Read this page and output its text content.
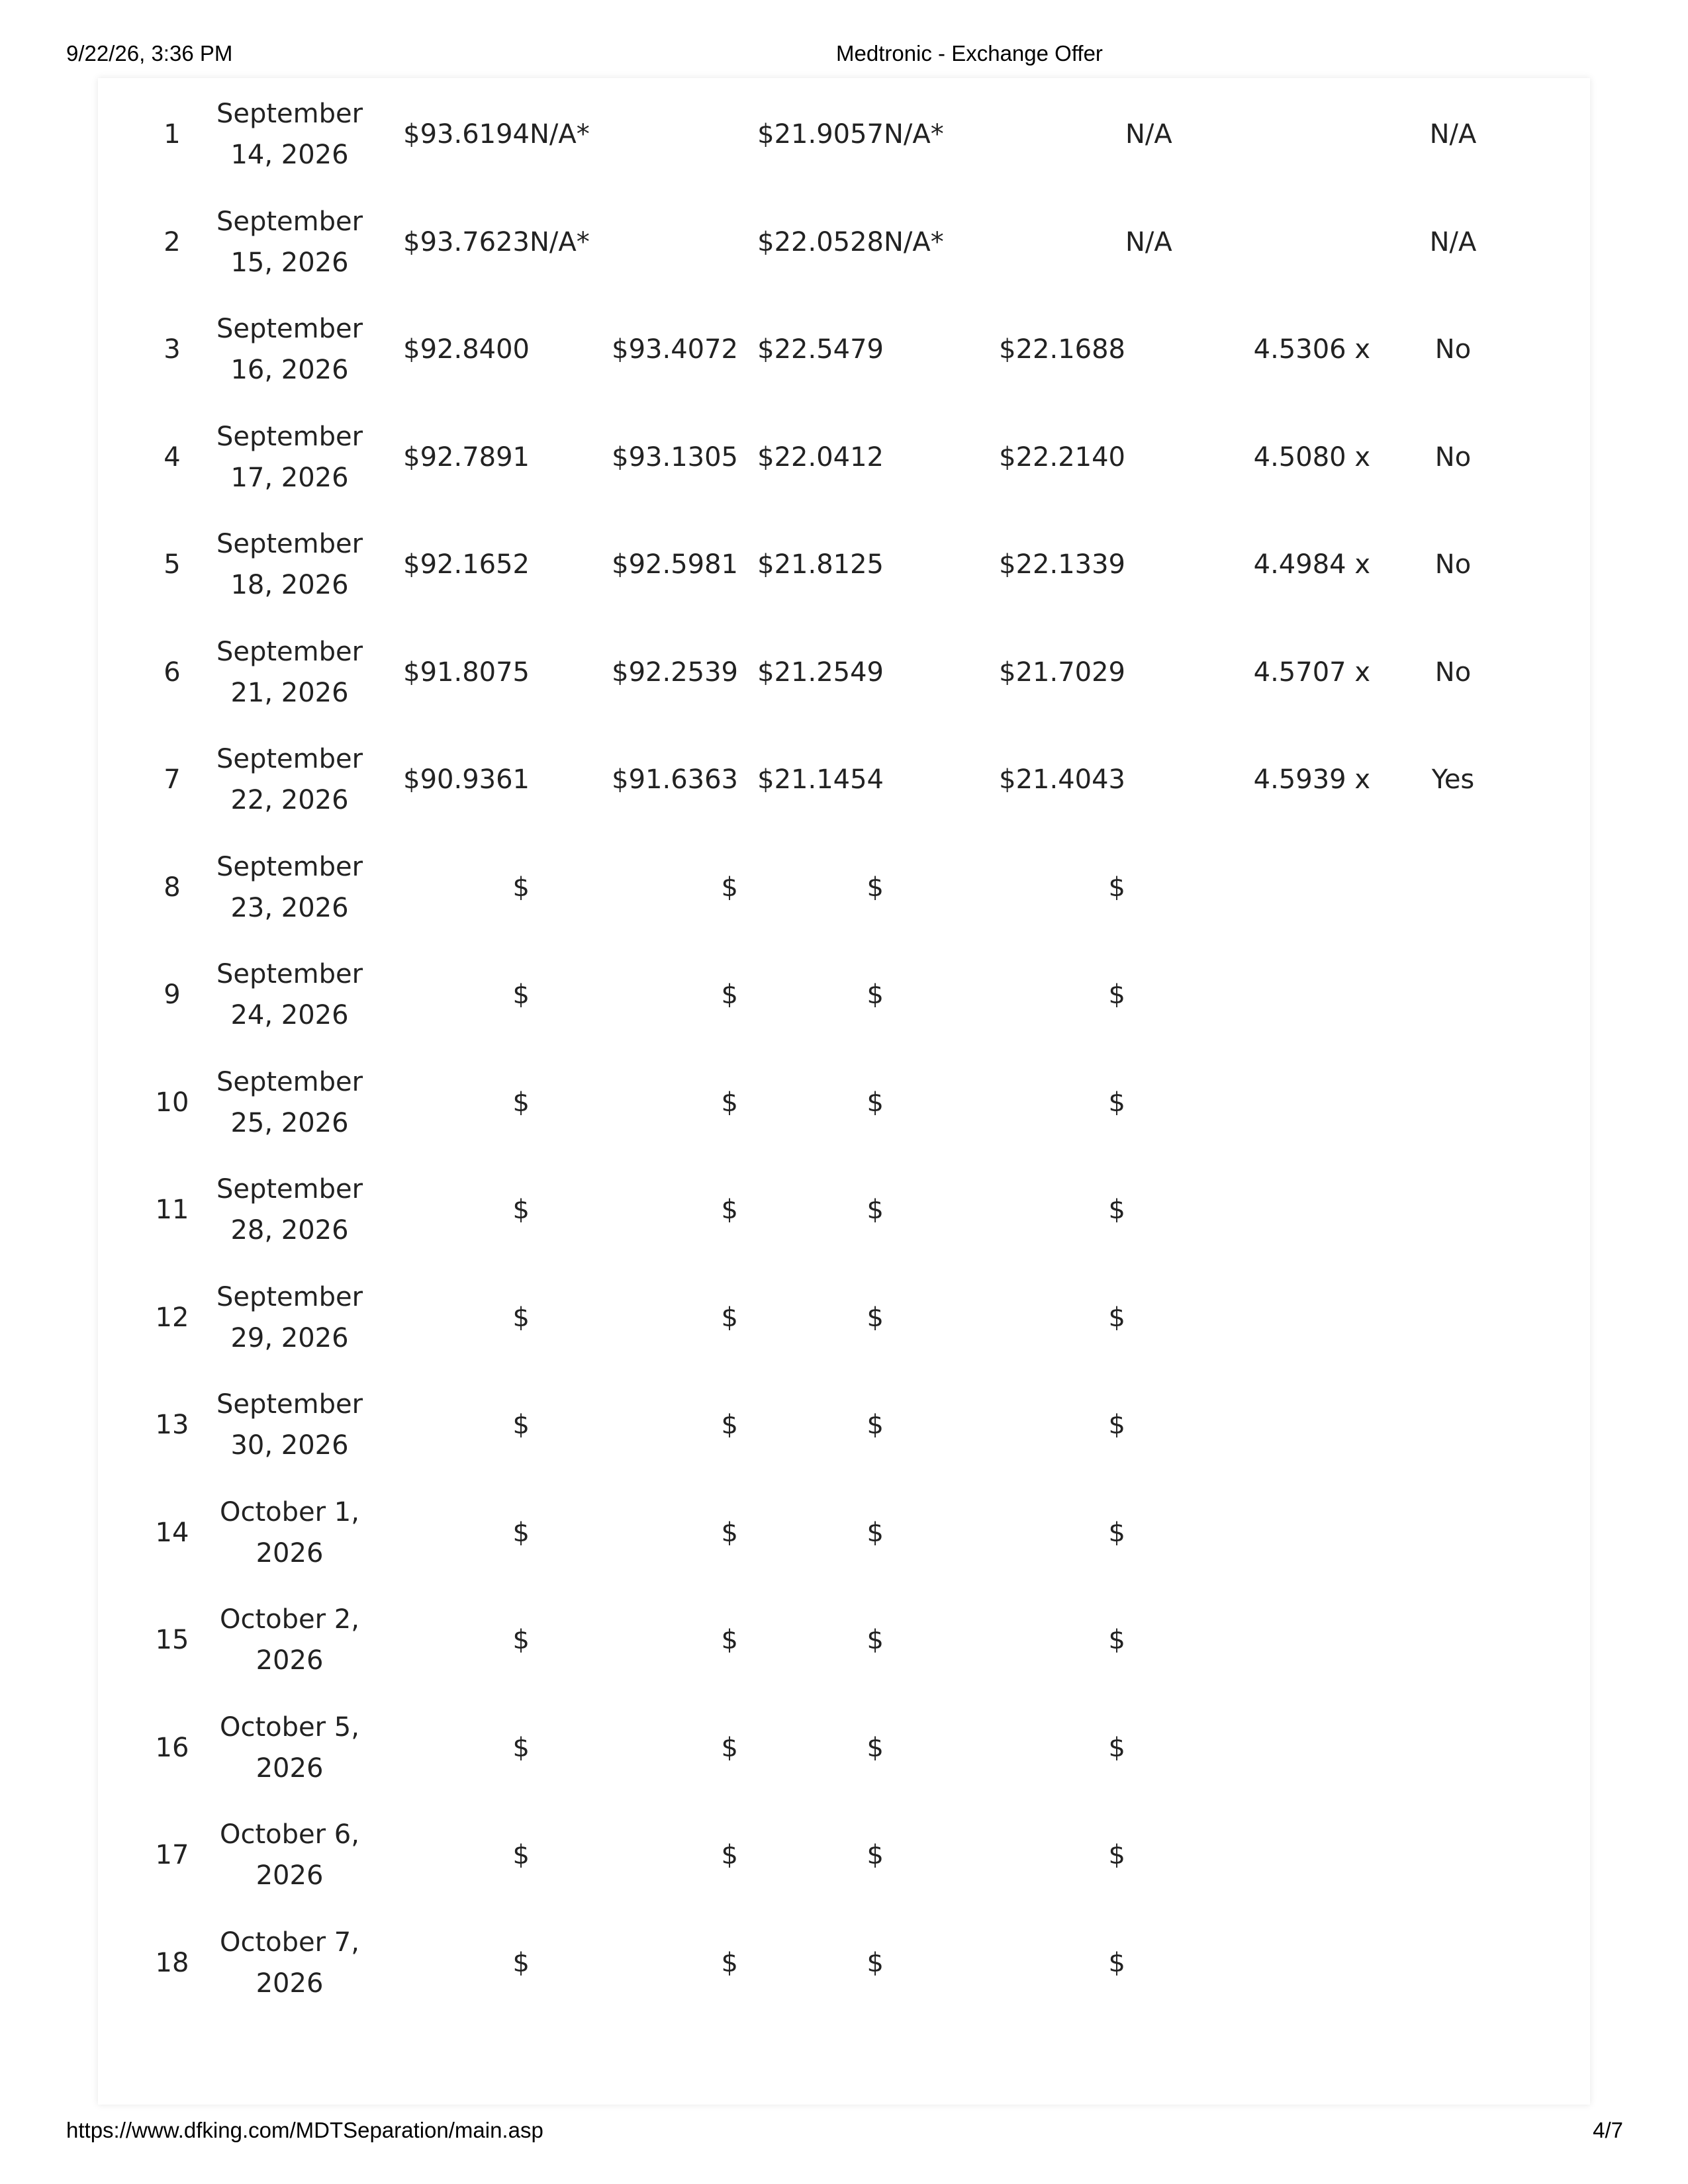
9/22/26, 3:36 PM	Medtronic - Exchange Offer
1	September 14, 2026	$93.6194	N/A*	$21.9057	N/A*	N/A	N/A
2	September 15, 2026	$93.7623	N/A*	$22.0528	N/A*	N/A	N/A
3	September 16, 2026	$92.8400	$93.4072	$22.5479	$22.1688	4.5306 x	No
4	September 17, 2026	$92.7891	$93.1305	$22.0412	$22.2140	4.5080 x	No
5	September 18, 2026	$92.1652	$92.5981	$21.8125	$22.1339	4.4984 x	No
6	September 21, 2026	$91.8075	$92.2539	$21.2549	$21.7029	4.5707 x	No
7	September 22, 2026	$90.9361	$91.6363	$21.1454	$21.4043	4.5939 x	Yes
8	September 23, 2026	$	$	$	$		
9	September 24, 2026	$	$	$	$		
10	September 25, 2026	$	$	$	$		
11	September 28, 2026	$	$	$	$		
12	September 29, 2026	$	$	$	$		
13	September 30, 2026	$	$	$	$		
14	October 1, 2026	$	$	$	$		
15	October 2, 2026	$	$	$	$		
16	October 5, 2026	$	$	$	$		
17	October 6, 2026	$	$	$	$		
18	October 7, 2026	$	$	$	$		
https://www.dfking.com/MDTSeparation/main.asp	4/7
